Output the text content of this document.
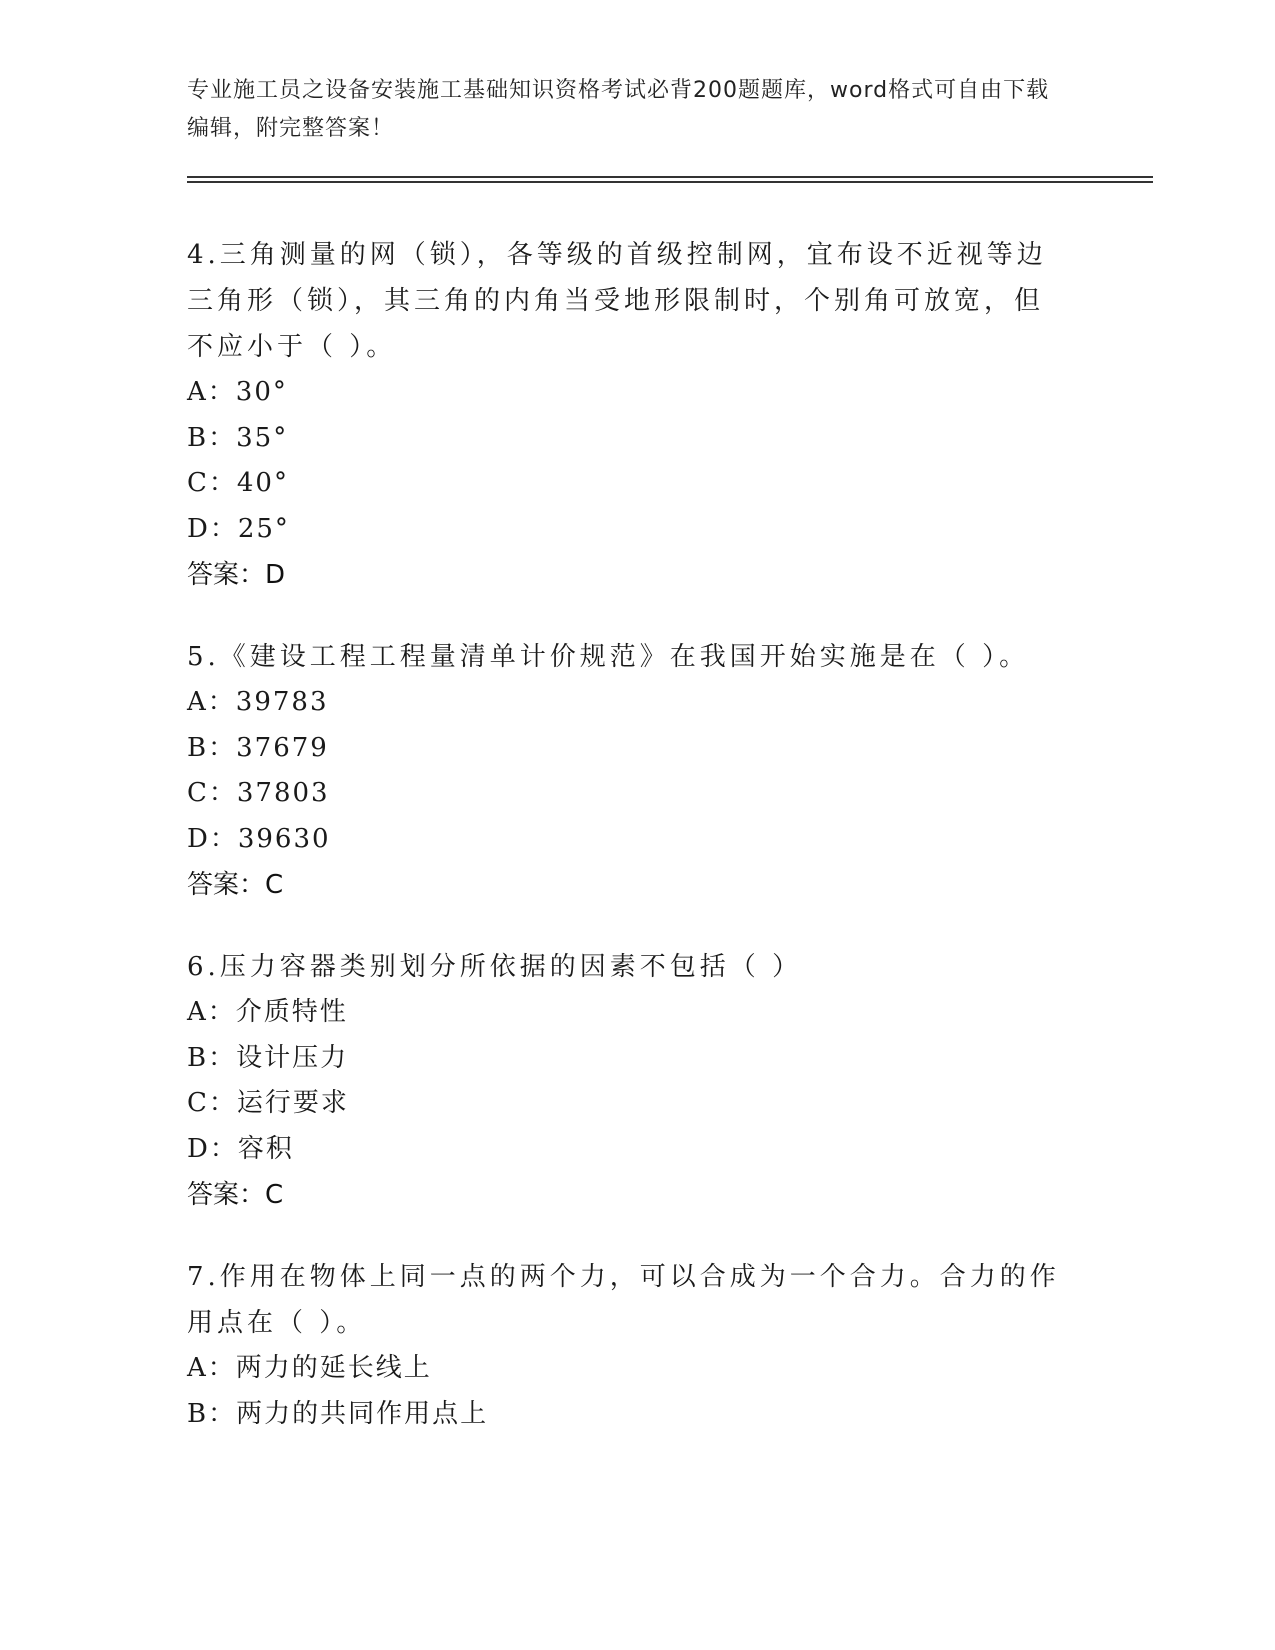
专业施工员之设备安装施工基础知识资格考试必背200题题库，word格式可自由下载编辑，附完整答案！
4.三角测量的网（锁），各等级的首级控制网，宜布设不近视等边三角形（锁），其三角的内角当受地形限制时，个别角可放宽，但不应小于（ ）。
A：30°
B：35°
C：40°
D：25°
答案：D
5.《建设工程工程量清单计价规范》在我国开始实施是在（ ）。
A：39783
B：37679
C：37803
D：39630
答案：C
6.压力容器类别划分所依据的因素不包括（ ）
A：介质特性
B：设计压力
C：运行要求
D：容积
答案：C
7.作用在物体上同一点的两个力，可以合成为一个合力。合力的作用点在（ ）。
A：两力的延长线上
B：两力的共同作用点上
